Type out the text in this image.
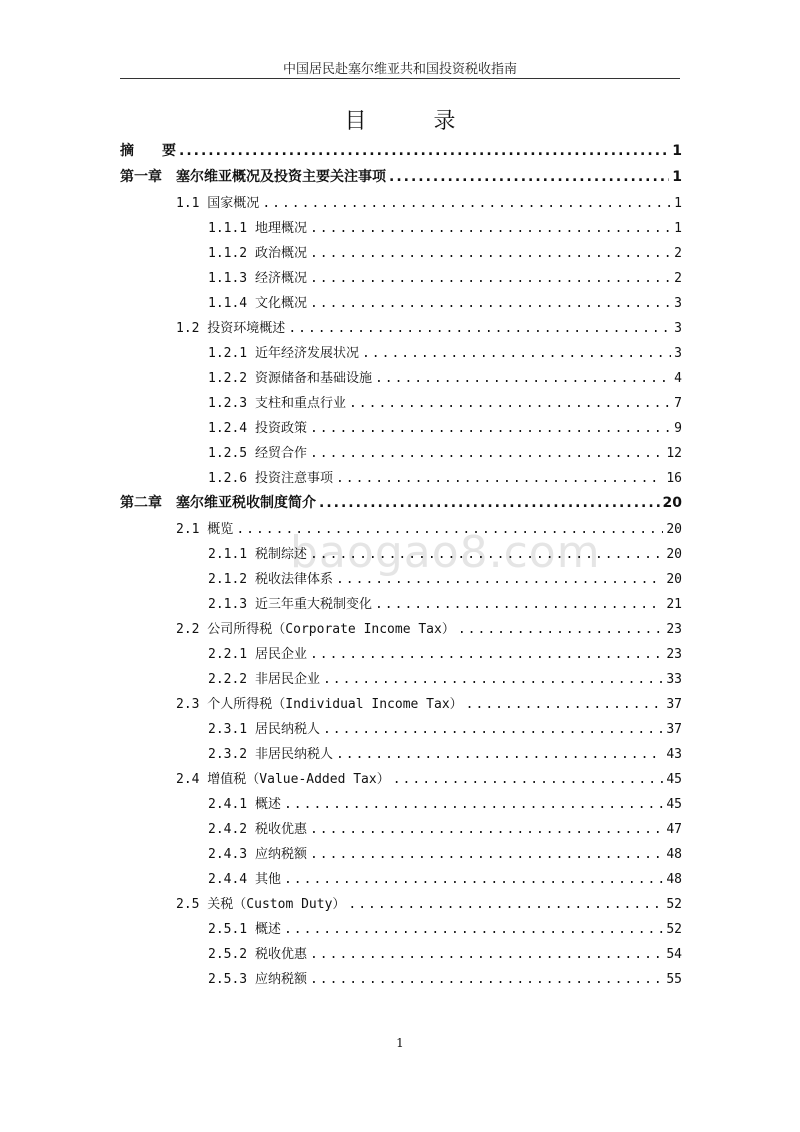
中国居民赴塞尔维亚共和国投资税收指南
目 录
baogao8.com
摘　　要 .....	1
第一章　塞尔维亚概况及投资主要关注事项 .....	1
1.1 国家概况 .....	1
1.1.1 地理概况 .....	1
1.1.2 政治概况 .....	2
1.1.3 经济概况 .....	2
1.1.4 文化概况 .....	3
1.2 投资环境概述 .....	3
1.2.1 近年经济发展状况 .....	3
1.2.2 资源储备和基础设施 .....	4
1.2.3 支柱和重点行业 .....	7
1.2.4 投资政策 .....	9
1.2.5 经贸合作 .....	12
1.2.6 投资注意事项 .....	16
第二章　塞尔维亚税收制度简介 .....	20
2.1 概览 .....	20
2.1.1 税制综述 .....	20
2.1.2 税收法律体系 .....	20
2.1.3 近三年重大税制变化 .....	21
2.2 公司所得税（Corporate Income Tax） .....	23
2.2.1 居民企业 .....	23
2.2.2 非居民企业 .....	33
2.3 个人所得税（Individual Income Tax） .....	37
2.3.1 居民纳税人 .....	37
2.3.2 非居民纳税人 .....	43
2.4 增值税（Value-Added Tax） .....	45
2.4.1 概述 .....	45
2.4.2 税收优惠 .....	47
2.4.3 应纳税额 .....	48
2.4.4 其他 .....	48
2.5 关税（Custom Duty） .....	52
2.5.1 概述 .....	52
2.5.2 税收优惠 .....	54
2.5.3 应纳税额 .....	55
1
